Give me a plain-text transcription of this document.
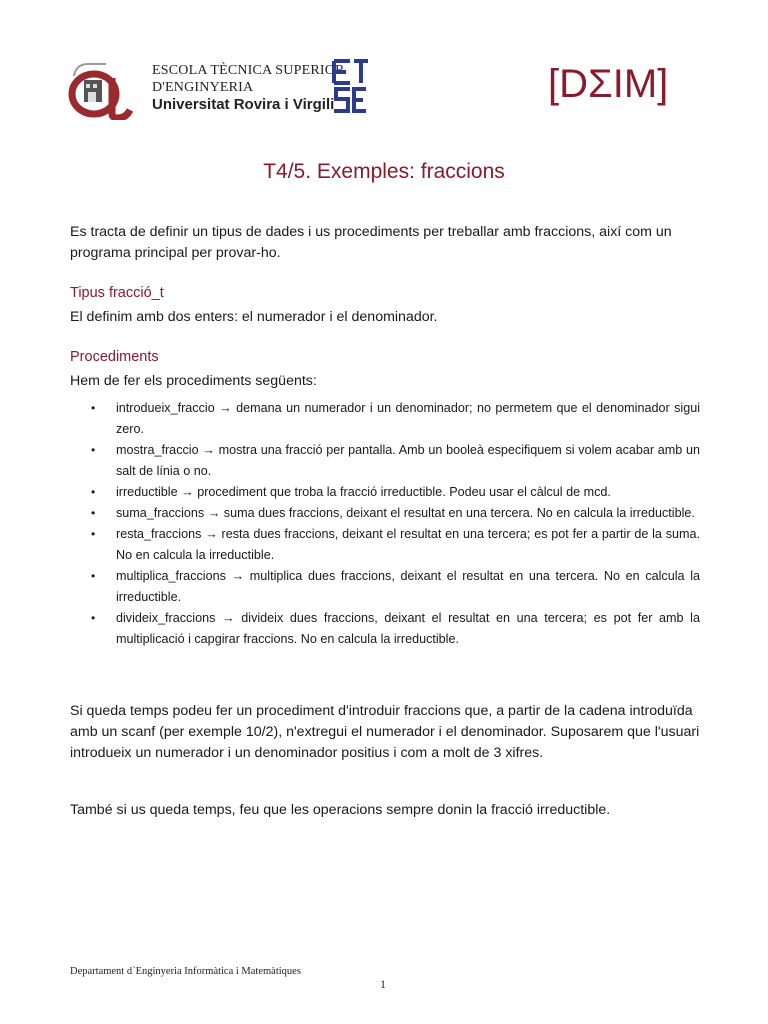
ESCOLA TÈCNICA SUPERIOR
D'ENGINYERIA
Universitat Rovira i Virgili	[DΣIM]
T4/5. Exemples: fraccions
Es tracta de definir un tipus de dades i us procediments per treballar amb fraccions, així com un programa principal per provar-ho.
Tipus fracció_t
El definim amb dos enters: el numerador i el denominador.
Procediments
Hem de fer els procediments següents:
• introdueix_fraccio → demana un numerador i un denominador; no permetem que el denominador sigui zero.
• mostra_fraccio → mostra una fracció per pantalla. Amb un booleà especifiquem si volem acabar amb un salt de línia o no.
• irreductible → procediment que troba la fracció irreductible. Podeu usar el càlcul de mcd.
• suma_fraccions → suma dues fraccions, deixant el resultat en una tercera. No en calcula la irreductible.
• resta_fraccions → resta dues fraccions, deixant el resultat en una tercera; es pot fer a partir de la suma. No en calcula la irreductible.
• multiplica_fraccions → multiplica dues fraccions, deixant el resultat en una tercera. No en calcula la irreductible.
• divideix_fraccions → divideix dues fraccions, deixant el resultat en una tercera; es pot fer amb la multiplicació i capgirar fraccions. No en calcula la irreductible.
Si queda temps podeu fer un procediment d'introduir fraccions que, a partir de la cadena introduïda amb un scanf (per exemple 10/2), n'extregui el numerador i el denominador. Suposarem que l'usuari introdueix un numerador i un denominador positius i com a molt de 3 xifres.
També si us queda temps, feu que les operacions sempre donin la fracció irreductible.
Departament d`Enginyeria Informàtica i Matemàtiques
1
